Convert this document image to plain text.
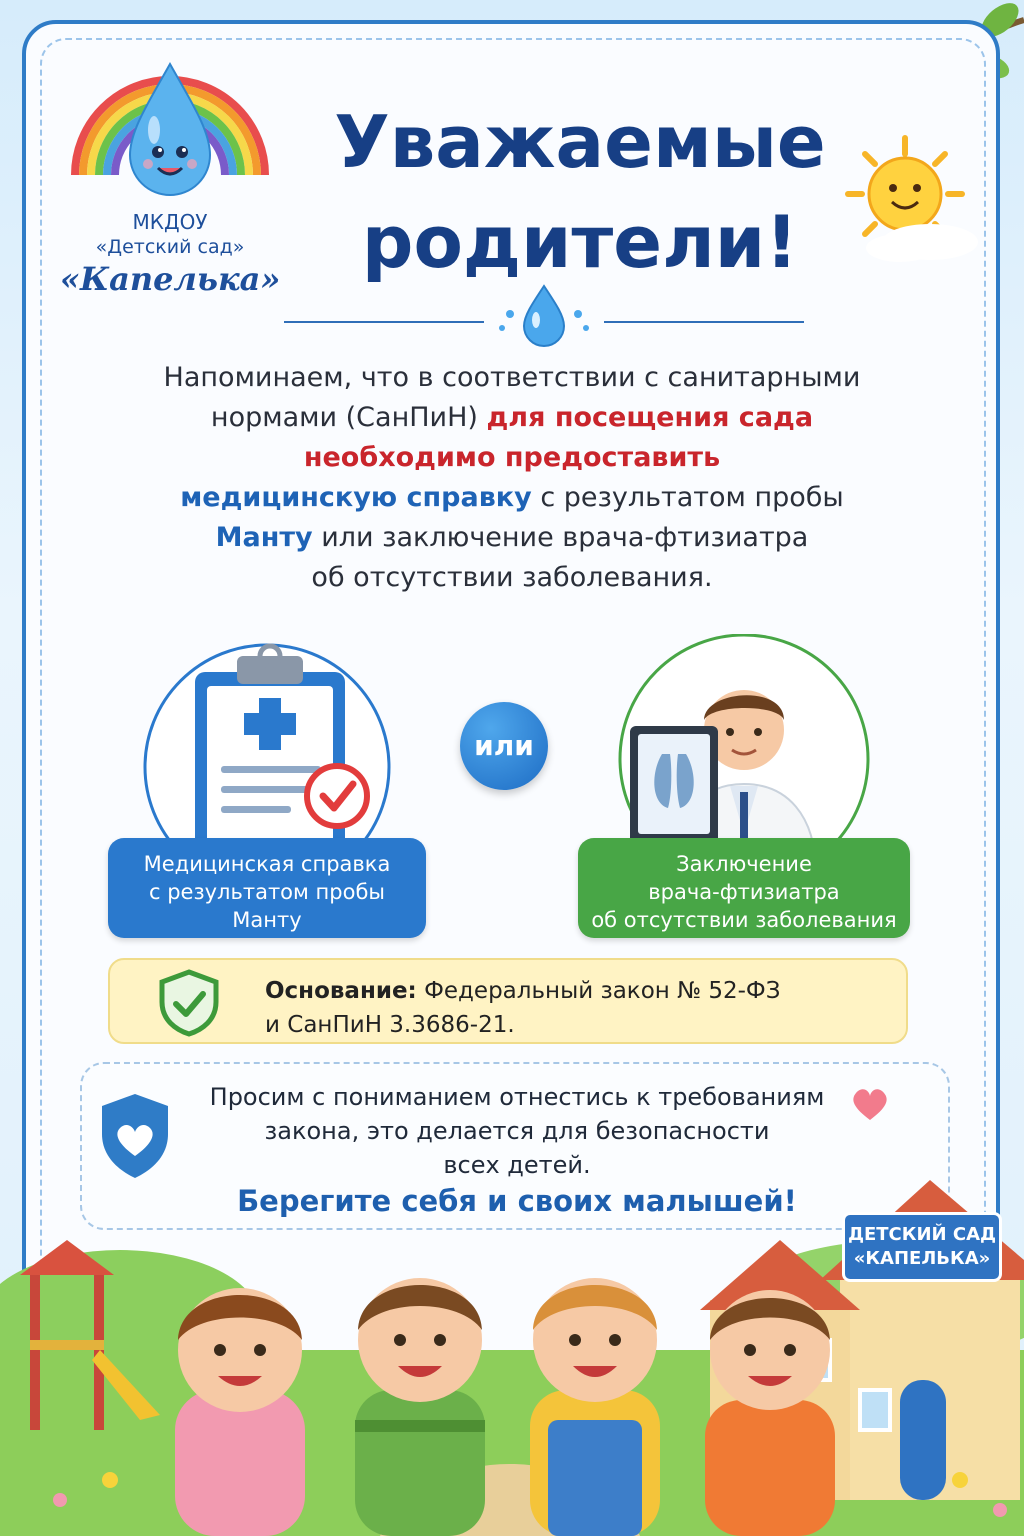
МКДОУ
«Детский сад»
«Капелька»
Уважаемые
родители!
Напоминаем, что в соответствии с санитарными
нормами (СанПиН) для посещения сада
необходимо предоставить
медицинскую справку с результатом пробы
Манту или заключение врача-фтизиатра
об отсутствии заболевания.
или
Медицинская справка
с результатом пробы
Манту
Заключение
врача-фтизиатра
об отсутствии заболевания
Основание: Федеральный закон № 52-ФЗ
и СанПиН 3.3686-21.
Просим с пониманием отнестись к требованиям
закона, это делается для безопасности
всех детей.
Берегите себя и своих малышей!
ДЕТСКИЙ САД
«КАПЕЛЬКА»
